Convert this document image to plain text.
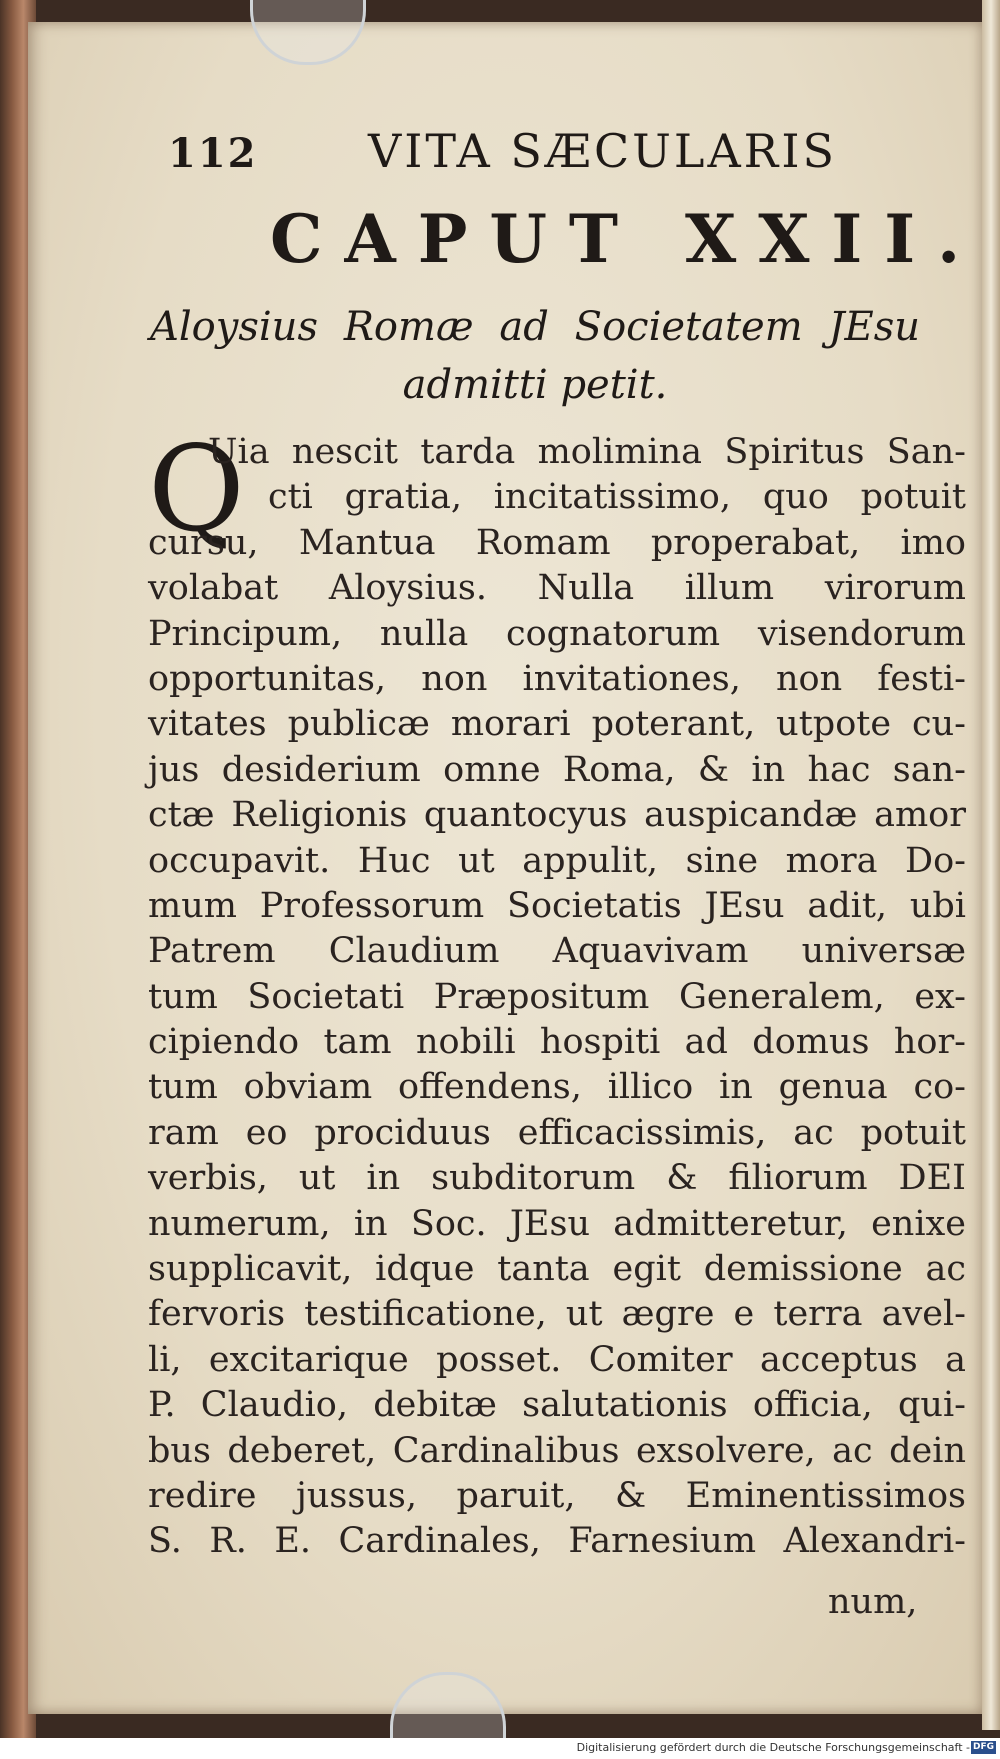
112 VITA SÆCULARIS
CAPUT XXII.
Aloysius Romæ ad Societatem JEsu admitti petit.
Q
Uia nescit tarda molimina Spiritus San-
cti gratia, incitatissimo, quo potuit
cursu, Mantua Romam properabat, imo
volabat Aloysius. Nulla illum virorum
Principum, nulla cognatorum visendorum
opportunitas, non invitationes, non festi-
vitates publicæ morari poterant, utpote cu-
jus desiderium omne Roma, & in hac san-
ctæ Religionis quantocyus auspicandæ amor
occupavit. Huc ut appulit, sine mora Do-
mum Professorum Societatis JEsu adit, ubi
Patrem Claudium Aquavivam universæ
tum Societati Præpositum Generalem, ex-
cipiendo tam nobili hospiti ad domus hor-
tum obviam offendens, illico in genua co-
ram eo prociduus efficacissimis, ac potuit
verbis, ut in subditorum & filiorum DEI
numerum, in Soc. JEsu admitteretur, enixe
supplicavit, idque tanta egit demissione ac
fervoris testificatione, ut ægre e terra avel-
li, excitarique posset. Comiter acceptus a
P. Claudio, debitæ salutationis officia, qui-
bus deberet, Cardinalibus exsolvere, ac dein
redire jussus, paruit, & Eminentissimos
S. R. E. Cardinales, Farnesium Alexandri-
num,
Digitalisierung gefördert durch die Deutsche Forschungsgemeinschaft - DFG
